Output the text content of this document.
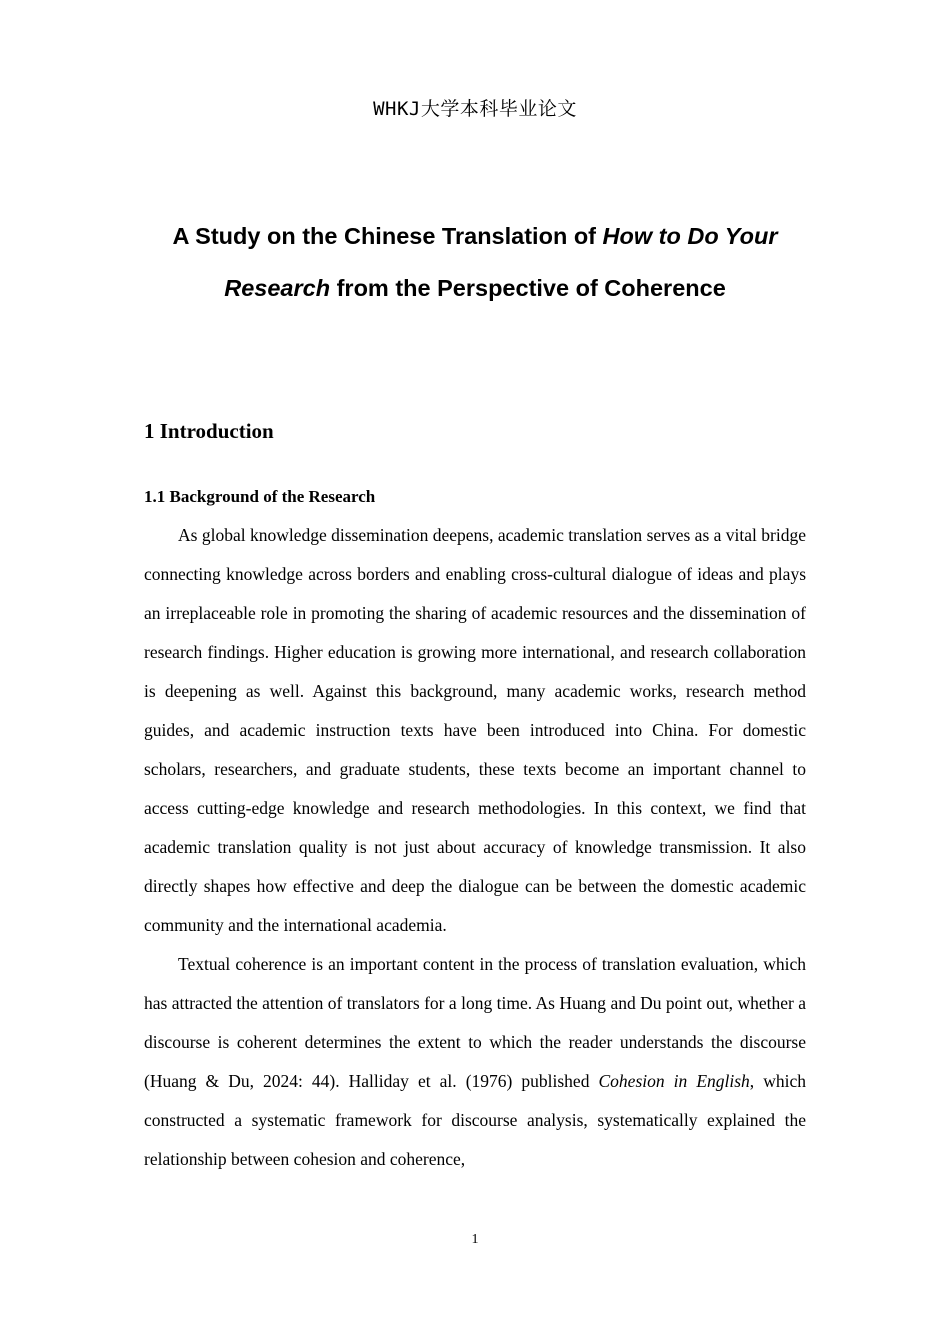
WHKJ大学本科毕业论文
A Study on the Chinese Translation of How to Do Your Research from the Perspective of Coherence
1 Introduction
1.1 Background of the Research

As global knowledge dissemination deepens, academic translation serves as a vital bridge connecting knowledge across borders and enabling cross-cultural dialogue of ideas and plays an irreplaceable role in promoting the sharing of academic resources and the dissemination of research findings. Higher education is growing more international, and research collaboration is deepening as well. Against this background, many academic works, research method guides, and academic instruction texts have been introduced into China. For domestic scholars, researchers, and graduate students, these texts become an important channel to access cutting-edge knowledge and research methodologies. In this context, we find that academic translation quality is not just about accuracy of knowledge transmission. It also directly shapes how effective and deep the dialogue can be between the domestic academic community and the international academia.

Textual coherence is an important content in the process of translation evaluation, which has attracted the attention of translators for a long time. As Huang and Du point out, whether a discourse is coherent determines the extent to which the reader understands the discourse (Huang & Du, 2024: 44). Halliday et al. (1976) published Cohesion in English, which constructed a systematic framework for discourse analysis, systematically explained the relationship between cohesion and coherence,

1
